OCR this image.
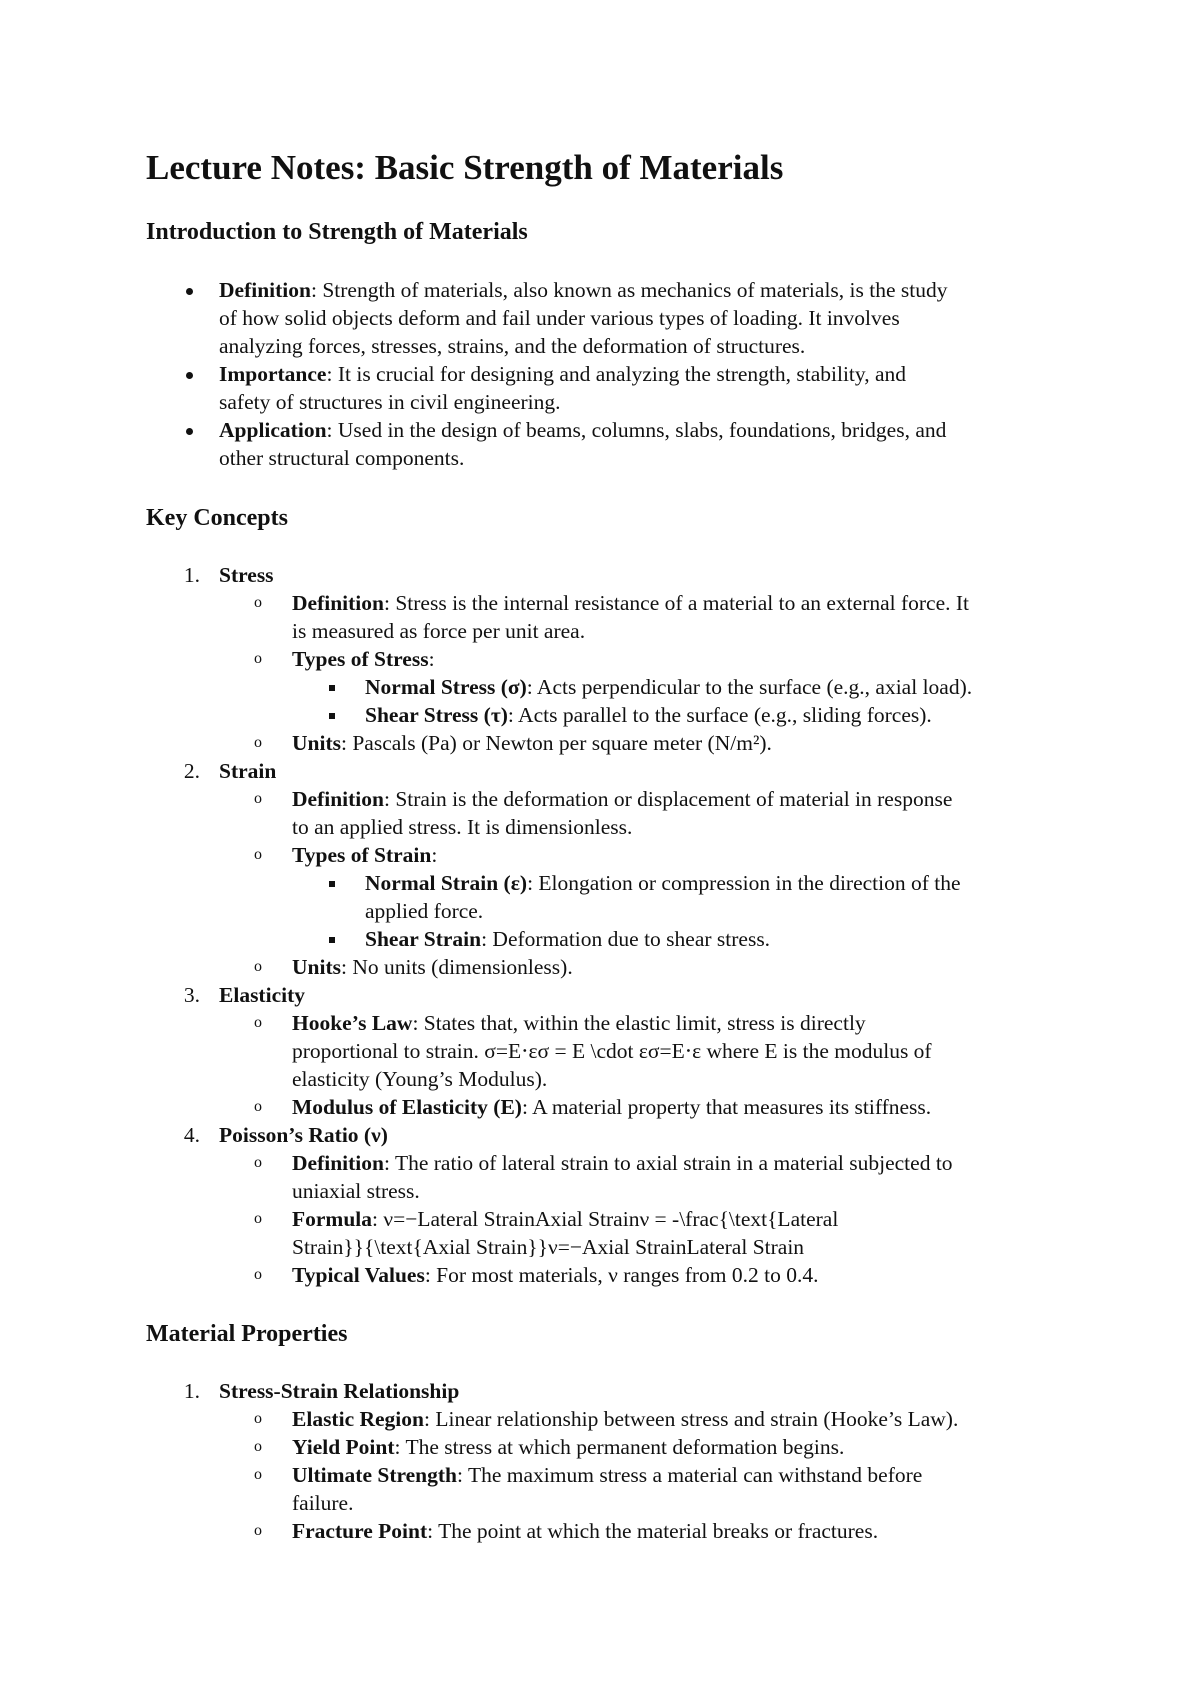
Lecture Notes: Basic Strength of Materials
Introduction to Strength of Materials
Definition: Strength of materials, also known as mechanics of materials, is the study
of how solid objects deform and fail under various types of loading. It involves
analyzing forces, stresses, strains, and the deformation of structures.
Importance: It is crucial for designing and analyzing the strength, stability, and
safety of structures in civil engineering.
Application: Used in the design of beams, columns, slabs, foundations, bridges, and
other structural components.
Key Concepts
1. Stress
o Definition: Stress is the internal resistance of a material to an external force. It
is measured as force per unit area.
o Types of Stress:
Normal Stress (σ): Acts perpendicular to the surface (e.g., axial load).
Shear Stress (τ): Acts parallel to the surface (e.g., sliding forces).
o Units: Pascals (Pa) or Newton per square meter (N/m²).
2. Strain
o Definition: Strain is the deformation or displacement of material in response
to an applied stress. It is dimensionless.
o Types of Strain:
Normal Strain (ε): Elongation or compression in the direction of the
applied force.
Shear Strain: Deformation due to shear stress.
o Units: No units (dimensionless).
3. Elasticity
o Hooke’s Law: States that, within the elastic limit, stress is directly
proportional to strain. σ=E⋅εσ = E \cdot εσ=E⋅ε where E is the modulus of
elasticity (Young’s Modulus).
o Modulus of Elasticity (E): A material property that measures its stiffness.
4. Poisson’s Ratio (ν)
o Definition: The ratio of lateral strain to axial strain in a material subjected to
uniaxial stress.
o Formula: ν=−Lateral StrainAxial Strainν = -\frac{\text{Lateral
Strain}}{\text{Axial Strain}}ν=−Axial StrainLateral Strain
o Typical Values: For most materials, ν ranges from 0.2 to 0.4.
Material Properties
1. Stress-Strain Relationship
o Elastic Region: Linear relationship between stress and strain (Hooke’s Law).
o Yield Point: The stress at which permanent deformation begins.
o Ultimate Strength: The maximum stress a material can withstand before
failure.
o Fracture Point: The point at which the material breaks or fractures.
